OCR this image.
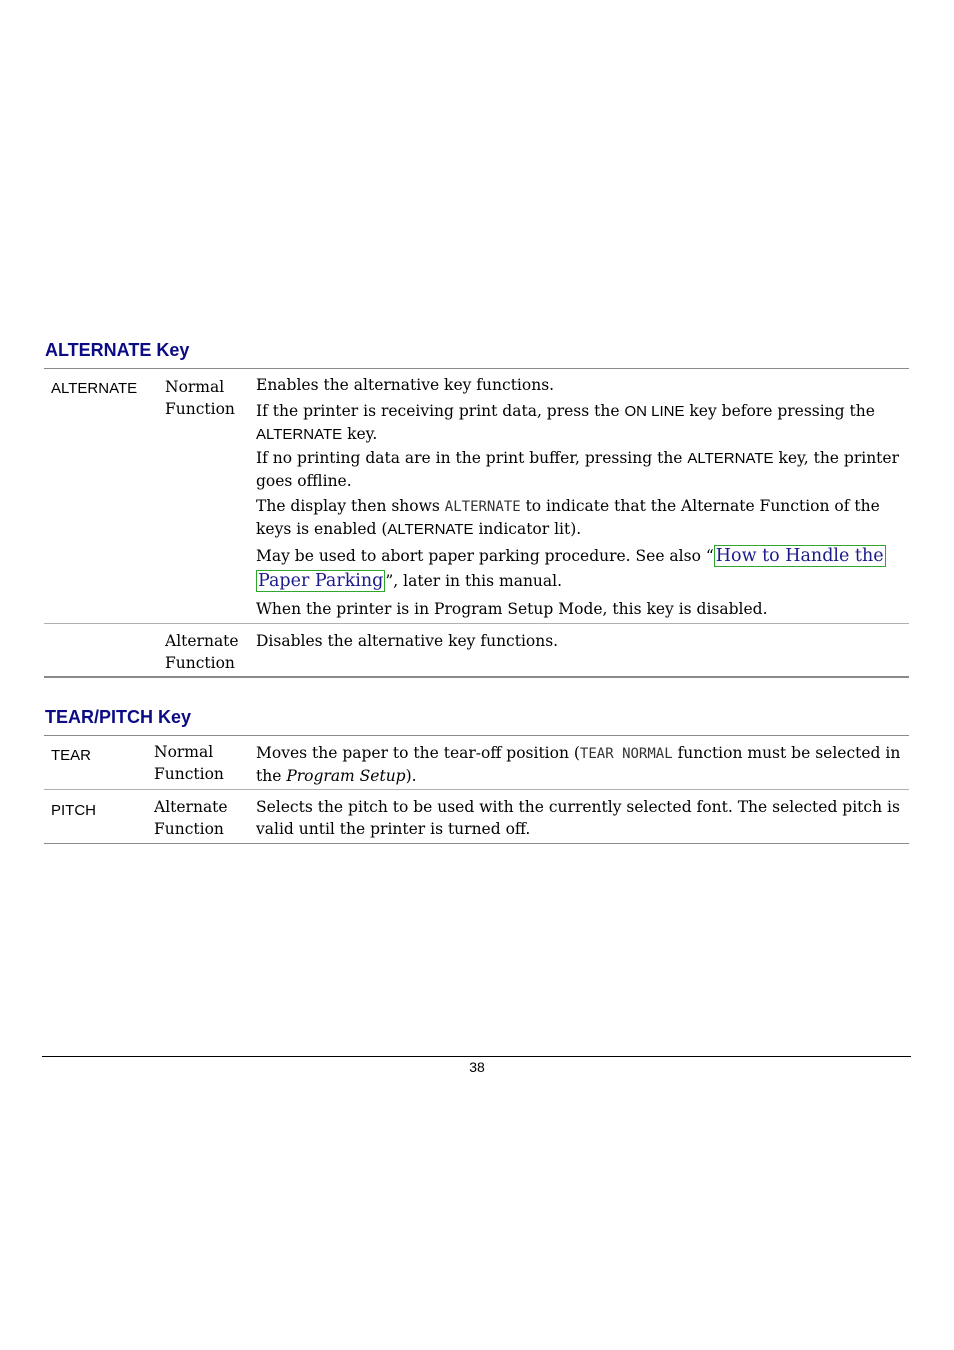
ALTERNATE Key
ALTERNATE Normal
Function

Enables the alternative key functions.

If the printer is receiving print data, press the ON LINE key before pressing the
ALTERNATE key.

If no printing data are in the print buffer, pressing the ALTERNATE key, the printer goes offline.

The display then shows ALTERNATE to indicate that the Alternate Function of the keys is enabled (ALTERNATE indicator lit).

May be used to abort paper parking procedure. See also “ How to Handle the
Paper Parking ”, later in this manual.

When the printer is in Program Setup Mode, this key is disabled.

Alternate
Function

Disables the alternative key functions.

TEAR/PITCH Key
TEAR	Normal
Function

Moves the paper to the tear-off position (TEAR NORMAL function must be selected in the Program Setup).

PITCH	Alternate
Function

Selects the pitch to be used with the currently selected font. The selected pitch is valid until the printer is turned off.

38
